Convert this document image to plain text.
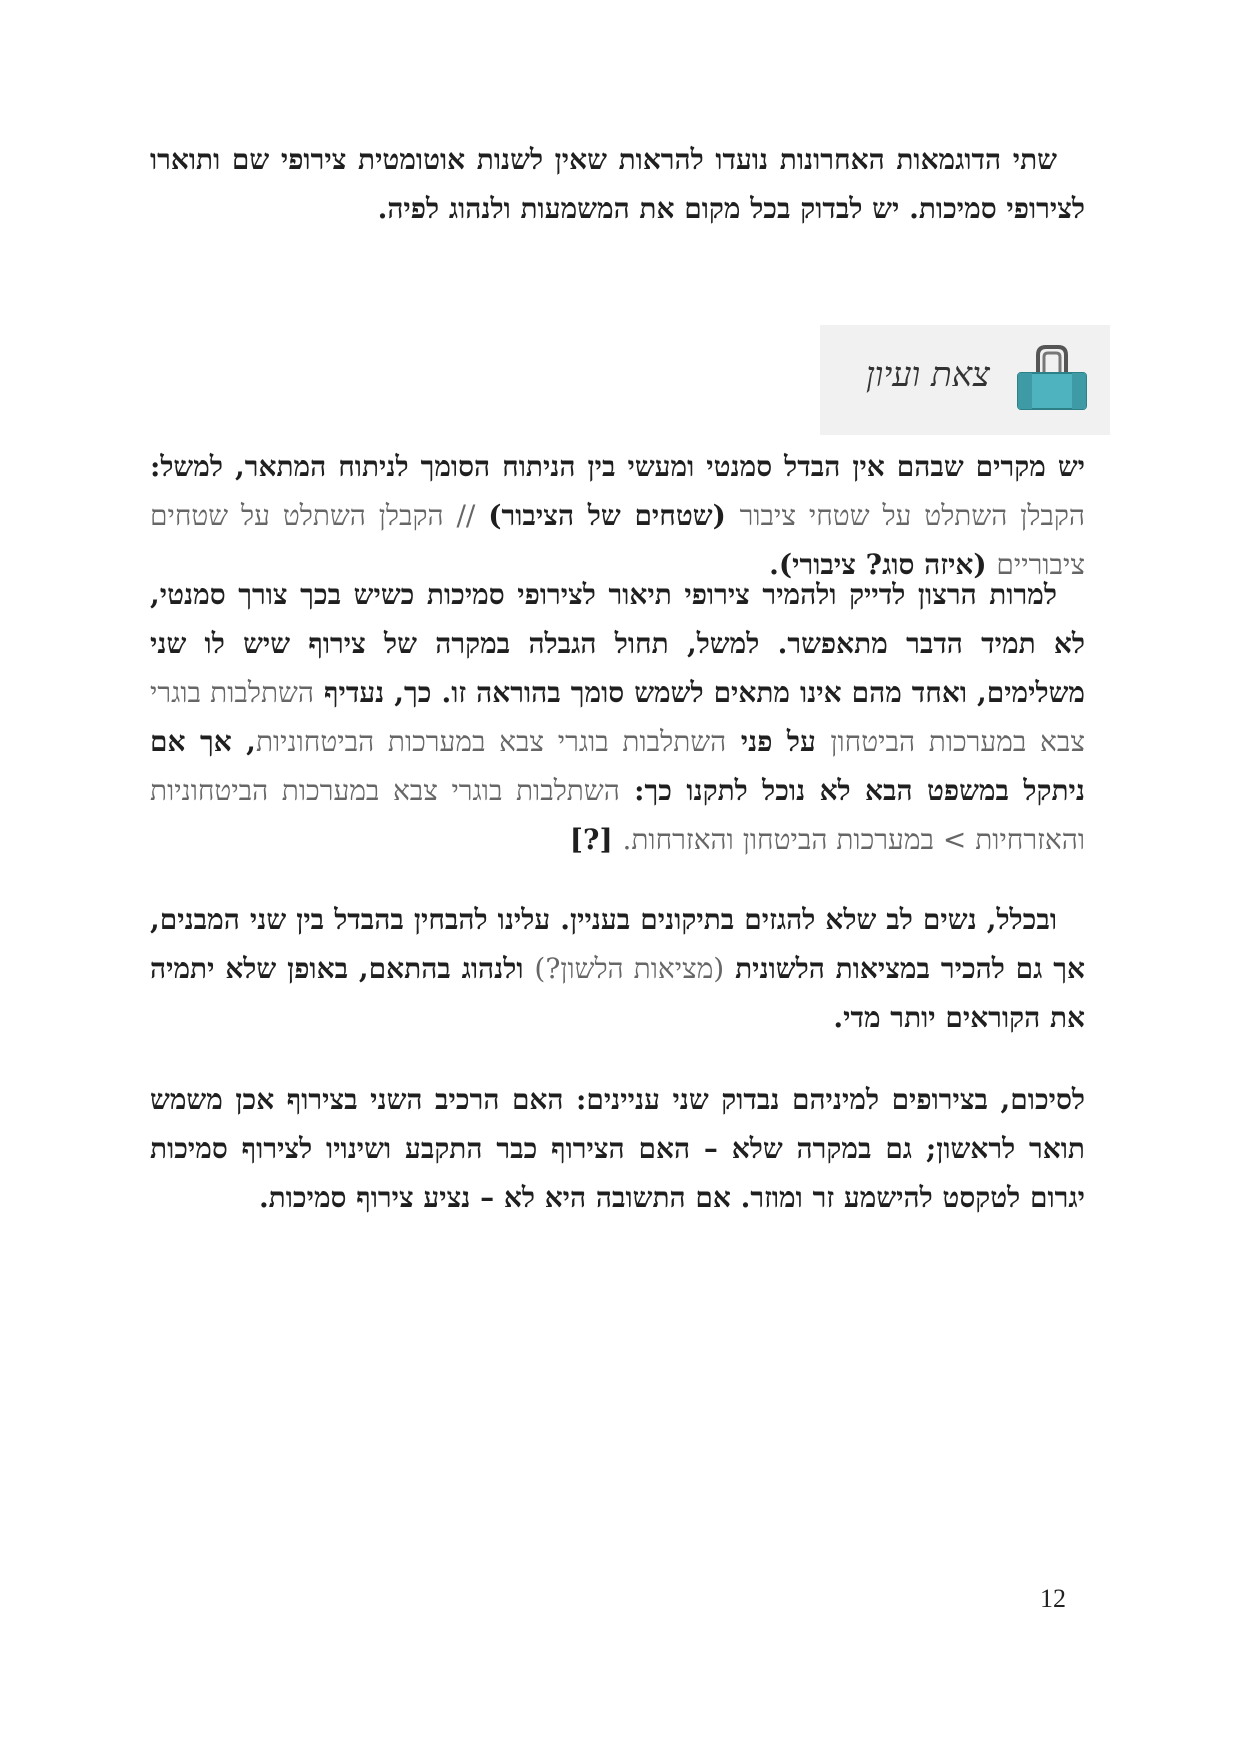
שתי הדוגמאות האחרונות נועדו להראות שאין לשנות אוטומטית צירופי שם ותוארו לצירופי סמיכות. יש לבדוק בכל מקום את המשמעות ולנהוג לפיה.

צאת ועיון

יש מקרים שבהם אין הבדל סמנטי ומעשי בין הניתוח הסומך לניתוח המתאר, למשל: הקבלן השתלט על שטחי ציבור (שטחים של הציבור) // הקבלן השתלט על שטחים ציבוריים (איזה סוג? ציבורי).

למרות הרצון לדייק ולהמיר צירופי תיאור לצירופי סמיכות כשיש בכך צורך סמנטי, לא תמיד הדבר מתאפשר. למשל, תחול הגבלה במקרה של צירוף שיש לו שני משלימים, ואחד מהם אינו מתאים לשמש סומך בהוראה זו. כך, נעדיף השתלבות בוגרי צבא במערכות הביטחון על פני השתלבות בוגרי צבא במערכות הביטחוניות, אך אם ניתקל במשפט הבא לא נוכל לתקנו כך: השתלבות בוגרי צבא במערכות הביטחוניות והאזרחיות > במערכות הביטחון והאזרחות. [?]

ובכלל, נשים לב שלא להגזים בתיקונים בעניין. עלינו להבחין בהבדל בין שני המבנים, אך גם להכיר במציאות הלשונית (מציאות הלשון?) ולנהוג בהתאם, באופן שלא יתמיה את הקוראים יותר מדי.

לסיכום, בצירופים למיניהם נבדוק שני עניינים: האם הרכיב השני בצירוף אכן משמש תואר לראשון; גם במקרה שלא – האם הצירוף כבר התקבע ושינויו לצירוף סמיכות יגרום לטקסט להישמע זר ומוזר. אם התשובה היא לא – נציע צירוף סמיכות.

12
